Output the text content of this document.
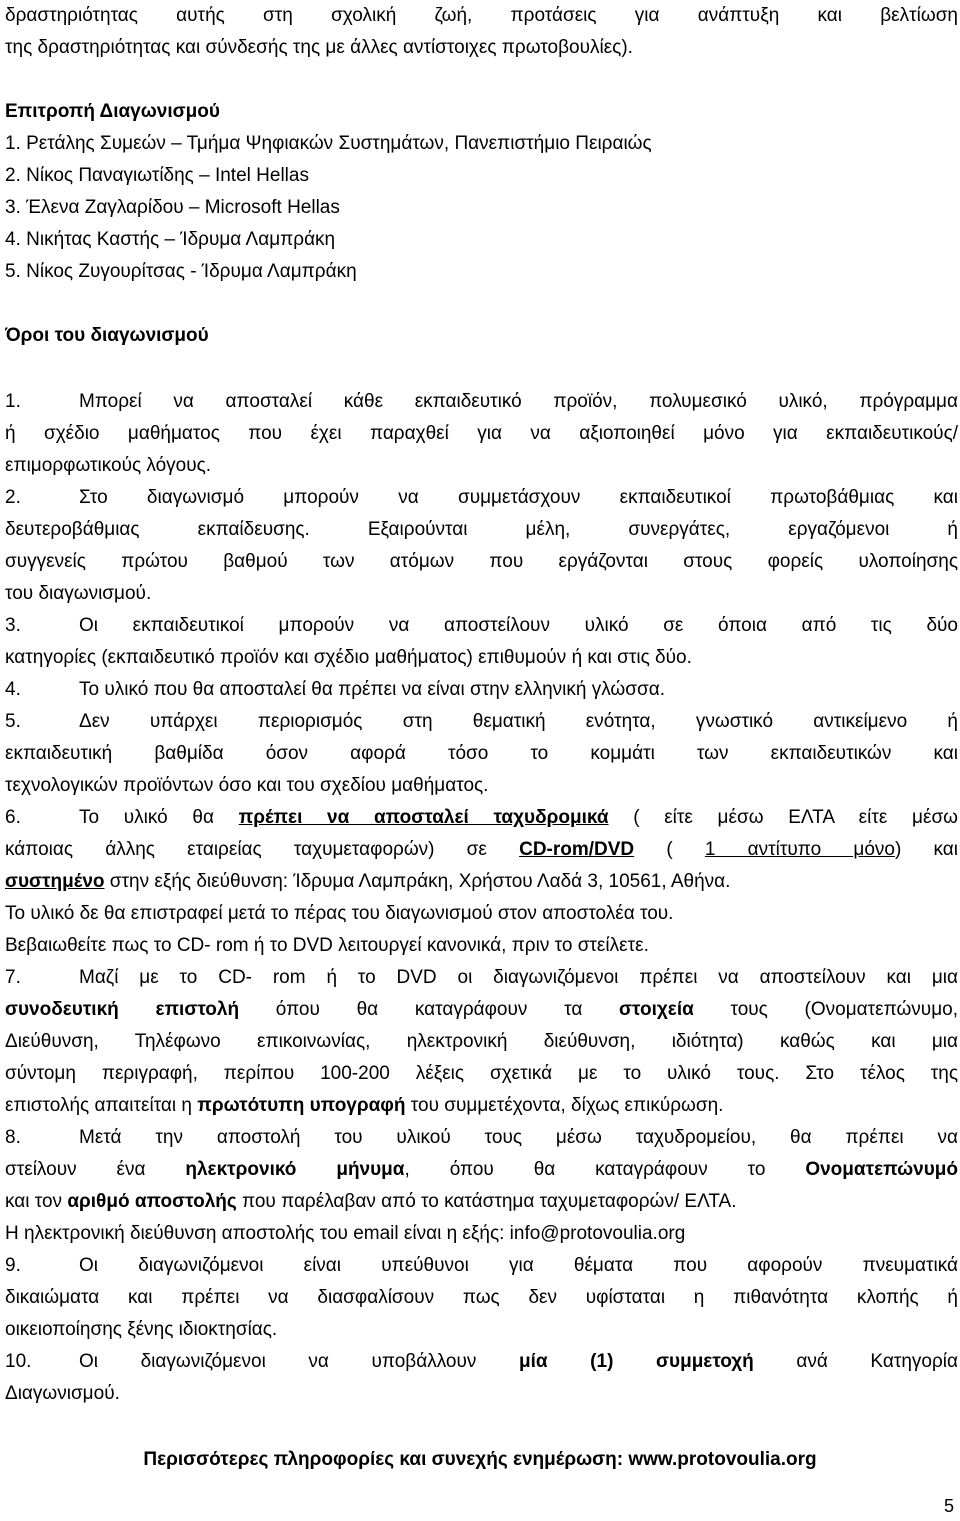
δραστηριότητας αυτής στη σχολική ζωή, προτάσεις για ανάπτυξη και βελτίωση
της δραστηριότητας και σύνδεσής της με άλλες αντίστοιχες πρωτοβουλίες).
Επιτροπή Διαγωνισμού
1. Ρετάλης Συμεών – Τμήμα Ψηφιακών Συστημάτων, Πανεπιστήμιο Πειραιώς
2. Νίκος Παναγιωτίδης – Intel Hellas
3. Έλενα Ζαγλαρίδου – Microsoft Hellas
4. Νικήτας Καστής – Ίδρυμα Λαμπράκη
5. Νίκος Ζυγουρίτσας - Ίδρυμα Λαμπράκη
Όροι του διαγωνισμού
1.	Μπορεί να αποσταλεί κάθε εκπαιδευτικό προϊόν, πολυμεσικό υλικό, πρόγραμμα
ή σχέδιο μαθήματος που έχει παραχθεί για να αξιοποιηθεί μόνο για εκπαιδευτικούς/
επιμορφωτικούς λόγους.
2.	Στο διαγωνισμό μπορούν να συμμετάσχουν εκπαιδευτικοί πρωτοβάθμιας και
δευτεροβάθμιας εκπαίδευσης. Εξαιρούνται μέλη, συνεργάτες, εργαζόμενοι ή
συγγενείς πρώτου βαθμού των ατόμων που εργάζονται στους φορείς υλοποίησης
του διαγωνισμού.
3.	Οι εκπαιδευτικοί μπορούν να αποστείλουν υλικό σε όποια από τις δύο
κατηγορίες (εκπαιδευτικό προϊόν και σχέδιο μαθήματος) επιθυμούν ή και στις δύο.
4.	Το υλικό που θα αποσταλεί θα πρέπει να είναι στην ελληνική γλώσσα.
5.	Δεν υπάρχει περιορισμός στη θεματική ενότητα, γνωστικό αντικείμενο ή
εκπαιδευτική βαθμίδα όσον αφορά τόσο το κομμάτι των εκπαιδευτικών και
τεχνολογικών προϊόντων όσο και του σχεδίου μαθήματος.
6.	Το υλικό θα πρέπει να αποσταλεί ταχυδρομικά ( είτε μέσω ΕΛΤΑ είτε μέσω
κάποιας άλλης εταιρείας ταχυμεταφορών) σε CD-rom/DVD ( 1 αντίτυπο μόνο) και
συστημένο στην εξής διεύθυνση: Ίδρυμα Λαμπράκη, Χρήστου Λαδά 3, 10561, Αθήνα.
Το υλικό δε θα επιστραφεί μετά το πέρας του διαγωνισμού στον αποστολέα του.
Βεβαιωθείτε πως το CD- rom ή το DVD λειτουργεί κανονικά, πριν το στείλετε.
7.	Μαζί με το CD- rom ή το DVD οι διαγωνιζόμενοι πρέπει να αποστείλουν και μια
συνοδευτική επιστολή όπου θα καταγράφουν τα στοιχεία τους (Ονοματεπώνυμο,
Διεύθυνση, Τηλέφωνο επικοινωνίας, ηλεκτρονική διεύθυνση, ιδιότητα) καθώς και μια
σύντομη περιγραφή, περίπου 100-200 λέξεις σχετικά με το υλικό τους. Στο τέλος της
επιστολής απαιτείται η πρωτότυπη υπογραφή του συμμετέχοντα, δίχως επικύρωση.
8.	Μετά την αποστολή του υλικού τους μέσω ταχυδρομείου, θα πρέπει να
στείλουν ένα ηλεκτρονικό μήνυμα, όπου θα καταγράφουν το Ονοματεπώνυμό
και τον αριθμό αποστολής που παρέλαβαν από το κατάστημα ταχυμεταφορών/ ΕΛΤΑ.
Η ηλεκτρονική διεύθυνση αποστολής του email είναι η εξής: info@protovoulia.org
9.	Οι διαγωνιζόμενοι είναι υπεύθυνοι για θέματα που αφορούν πνευματικά
δικαιώματα και πρέπει να διασφαλίσουν πως δεν υφίσταται η πιθανότητα κλοπής ή
οικειοποίησης ξένης ιδιοκτησίας.
10.	Οι διαγωνιζόμενοι να υποβάλλουν μία (1) συμμετοχή ανά Κατηγορία
Διαγωνισμού.
Περισσότερες πληροφορίες και συνεχής ενημέρωση: www.protovoulia.org
5
